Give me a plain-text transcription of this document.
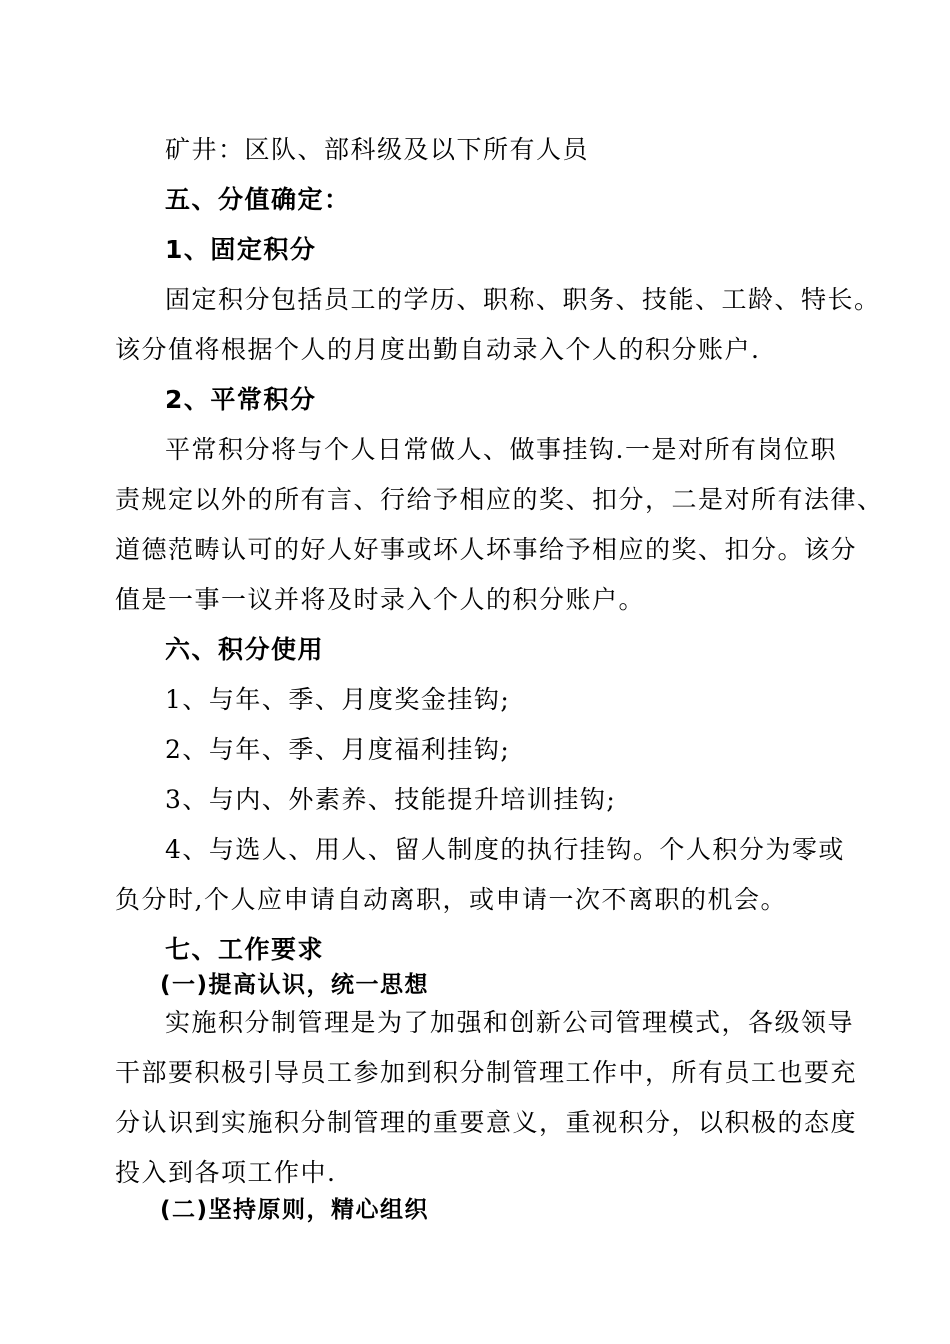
矿井：区队、部科级及以下所有人员
五、分值确定：
1、固定积分
固定积分包括员工的学历、职称、职务、技能、工龄、特长。
该分值将根据个人的月度出勤自动录入个人的积分账户.
2、平常积分
平常积分将与个人日常做人、做事挂钩.一是对所有岗位职
责规定以外的所有言、行给予相应的奖、扣分，二是对所有法律、
道德范畴认可的好人好事或坏人坏事给予相应的奖、扣分。该分
值是一事一议并将及时录入个人的积分账户。
六、积分使用
1、与年、季、月度奖金挂钩;
2、与年、季、月度福利挂钩;
3、与内、外素养、技能提升培训挂钩;
4、与选人、用人、留人制度的执行挂钩。个人积分为零或
负分时,个人应申请自动离职，或申请一次不离职的机会。
七、工作要求
(一)提高认识，统一思想
实施积分制管理是为了加强和创新公司管理模式，各级领导
干部要积极引导员工参加到积分制管理工作中，所有员工也要充
分认识到实施积分制管理的重要意义，重视积分，以积极的态度
投入到各项工作中.
(二)坚持原则，精心组织
